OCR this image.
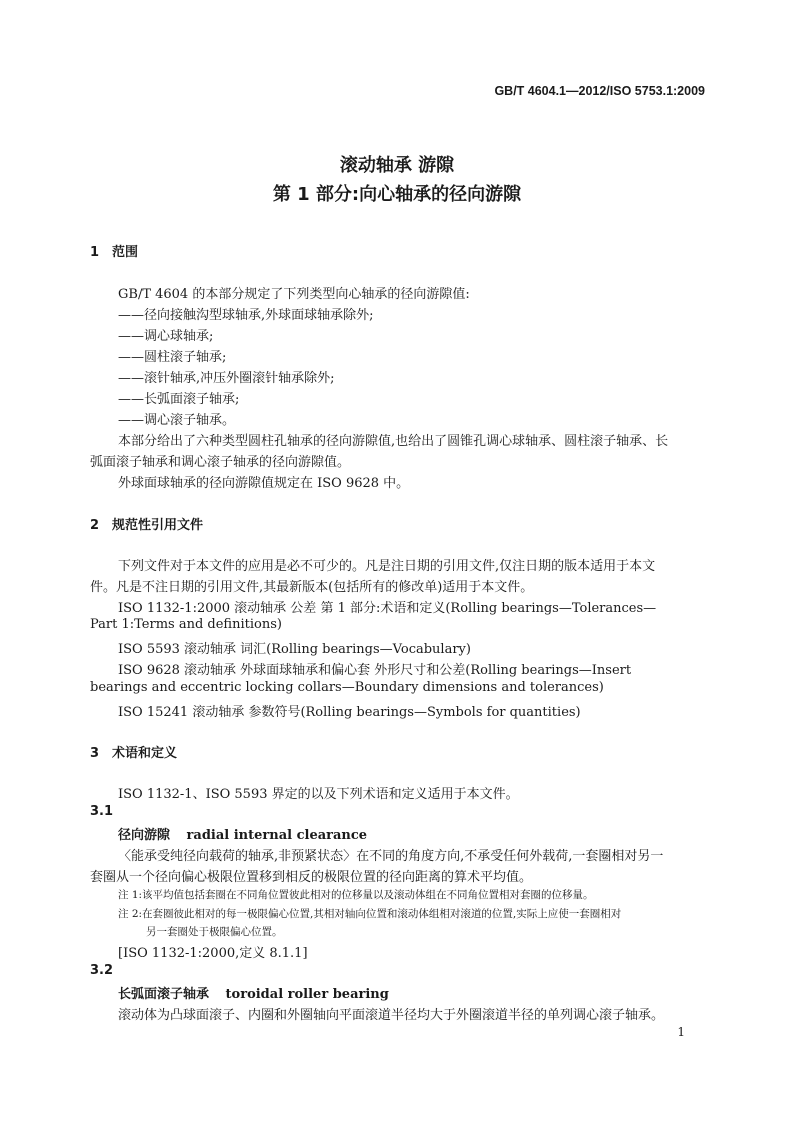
GB/T 4604.1—2012/ISO 5753.1:2009
滚动轴承 游隙
第 1 部分:向心轴承的径向游隙
1 范围
GB/T 4604 的本部分规定了下列类型向心轴承的径向游隙值:
——径向接触沟型球轴承,外球面球轴承除外;
——调心球轴承;
——圆柱滚子轴承;
——滚针轴承,冲压外圈滚针轴承除外;
——长弧面滚子轴承;
——调心滚子轴承。
本部分给出了六种类型圆柱孔轴承的径向游隙值,也给出了圆锥孔调心球轴承、圆柱滚子轴承、长
弧面滚子轴承和调心滚子轴承的径向游隙值。
外球面球轴承的径向游隙值规定在 ISO 9628 中。
2 规范性引用文件
下列文件对于本文件的应用是必不可少的。凡是注日期的引用文件,仅注日期的版本适用于本文
件。凡是不注日期的引用文件,其最新版本(包括所有的修改单)适用于本文件。
ISO 1132-1:2000 滚动轴承 公差 第 1 部分:术语和定义(Rolling bearings—Tolerances—
Part 1:Terms and definitions)
ISO 5593 滚动轴承 词汇(Rolling bearings—Vocabulary)
ISO 9628 滚动轴承 外球面球轴承和偏心套 外形尺寸和公差(Rolling bearings—Insert
bearings and eccentric locking collars—Boundary dimensions and tolerances)
ISO 15241 滚动轴承 参数符号(Rolling bearings—Symbols for quantities)
3 术语和定义
ISO 1132-1、ISO 5593 界定的以及下列术语和定义适用于本文件。
3.1
径向游隙 radial internal clearance
〈能承受纯径向载荷的轴承,非预紧状态〉在不同的角度方向,不承受任何外载荷,一套圈相对另一
套圈从一个径向偏心极限位置移到相反的极限位置的径向距离的算术平均值。
注 1:该平均值包括套圈在不同角位置彼此相对的位移量以及滚动体组在不同角位置相对套圈的位移量。
注 2:在套圈彼此相对的每一极限偏心位置,其相对轴向位置和滚动体组相对滚道的位置,实际上应使一套圈相对
另一套圈处于极限偏心位置。
[ISO 1132-1:2000,定义 8.1.1]
3.2
长弧面滚子轴承 toroidal roller bearing
滚动体为凸球面滚子、内圈和外圈轴向平面滚道半径均大于外圈滚道半径的单列调心滚子轴承。
1
